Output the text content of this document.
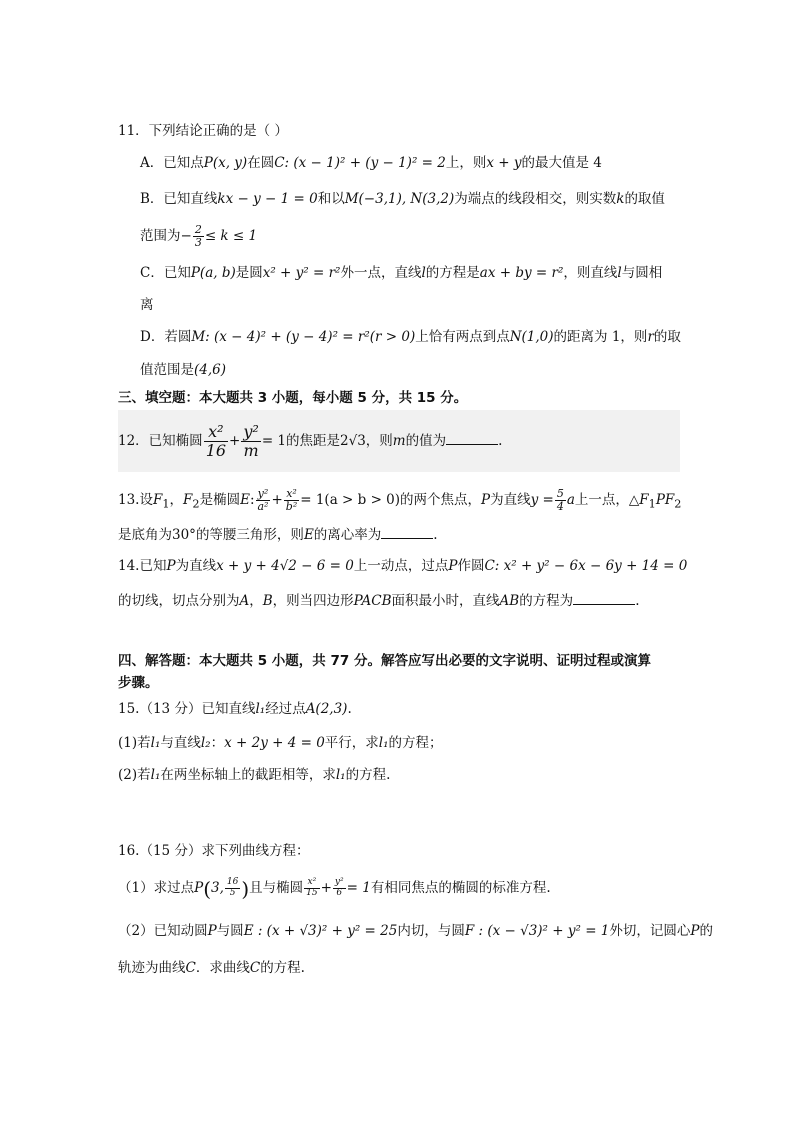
11．下列结论正确的是（ ）
A．已知点P(x, y)在圆C: (x − 1)² + (y − 1)² = 2上，则x + y的最大值是 4
B．已知直线kx − y − 1 = 0和以M(−3,1), N(3,2)为端点的线段相交，则实数k的取值
范围为− $\frac{2}{3} \le k \le 1$
C．已知P(a, b)是圆x² + y² = r²外一点，直线l的方程是ax + by = r²，则直线l与圆相
离
D．若圆M: (x − 4)² + (y − 4)² = r²(r > 0)上恰有两点到点N(1,0)的距离为 1，则r的取
值范围是(4,6)
三、填空题：本大题共 3 小题，每小题 5 分，共 15 分。
12．已知椭圆 $\frac{\text{x²}}{16} + \frac{\text{y²}}{m} = 1$的焦距是2√3，则m的值为	.
13.设$F_1$，$F_2$是椭圆E: $\frac{\text{y²}}{\text{a²}} + \frac{\text{x²}}{\text{b²}} = 1(a > b > 0)$的两个焦点，P为直线$y = \frac{5}{4}$ a上一点，$\triangle F_1PF_2$
是底角为30°的等腰三角形，则E的离心率为	.
14.已知P为直线x + y + 4√2 − 6 = 0上一动点，过点P作圆C: x² + y² − 6x − 6y + 14 = 0
的切线，切点分别为A，B，则当四边形PACB面积最小时，直线AB的方程为	.
四、解答题：本大题共 5 小题，共 77 分。解答应写出必要的文字说明、证明过程或演算
步骤。
15.（13 分）已知直线l₁经过点A(2,3).
(1)若l₁与直线l₂：x + 2y + 4 = 0平行，求l₁的方程；
(2)若l₁在两坐标轴上的截距相等，求l₁的方程.
16.（15 分）求下列曲线方程：
（1）求过点P(3, $\frac{16}{5}$ )且与椭圆 $\frac{\text{x²}}{15} + \frac{\text{y²}}{6} = 1$有相同焦点的椭圆的标准方程.
（2）已知动圆P与圆E : (x + √3)² + y² = 25内切，与圆F : (x − √3)² + y² = 1外切，记圆心P的
轨迹为曲线C．求曲线C的方程.
